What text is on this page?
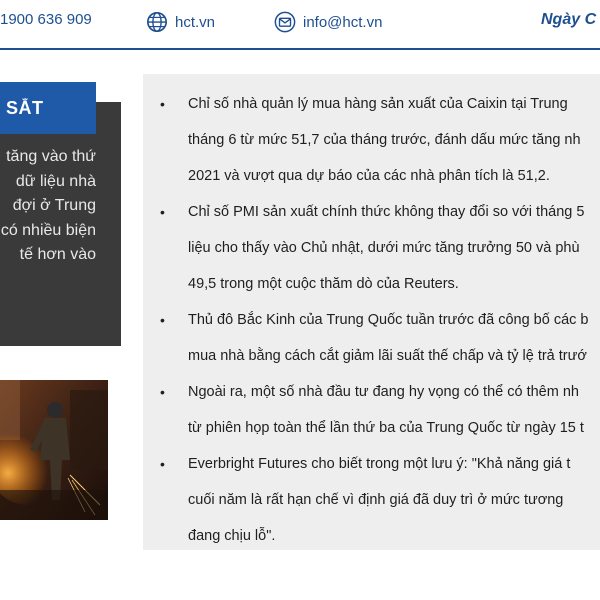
1900 636 909	hct.vn	info@hct.vn	Ngày C
SẮT
tăng vào thứ
dữ liệu nhà
đợi ở Trung
có nhiều biện
tế hơn vào
• Chỉ số nhà quản lý mua hàng sản xuất của Caixin tại Trung
tháng 6 từ mức 51,7 của tháng trước, đánh dấu mức tăng nh
2021 và vượt qua dự báo của các nhà phân tích là 51,2.
• Chỉ số PMI sản xuất chính thức không thay đổi so với tháng 5
liệu cho thấy vào Chủ nhật, dưới mức tăng trưởng 50 và phù
49,5 trong một cuộc thăm dò của Reuters.
• Thủ đô Bắc Kinh của Trung Quốc tuần trước đã công bố các b
mua nhà bằng cách cắt giảm lãi suất thế chấp và tỷ lệ trả trướ
• Ngoài ra, một số nhà đầu tư đang hy vọng có thể có thêm nh
từ phiên họp toàn thể lần thứ ba của Trung Quốc từ ngày 15 t
• Everbright Futures cho biết trong một lưu ý: "Khả năng giá t
cuối năm là rất hạn chế vì định giá đã duy trì ở mức tương
đang chịu lỗ".
